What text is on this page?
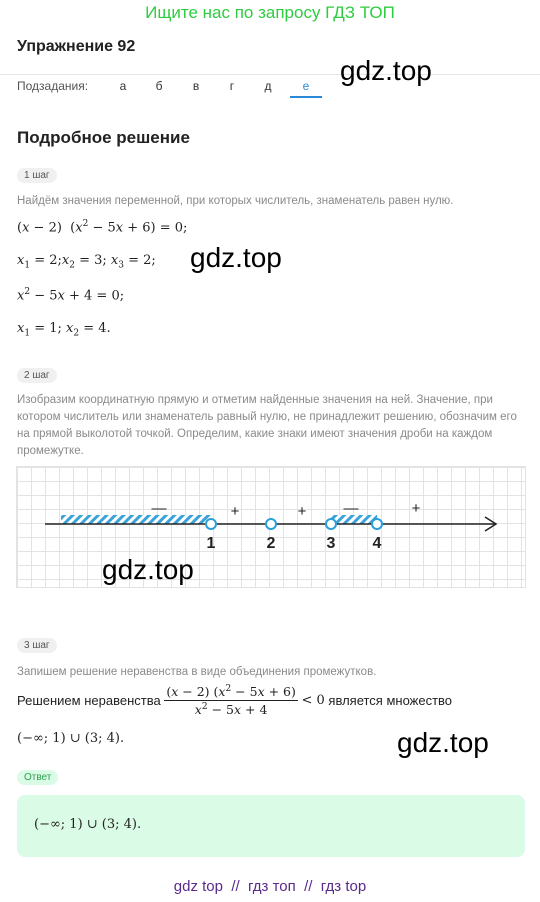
Ищите нас по запросу ГДЗ ТОП
Упражнение 92
Подзадания:	а	б	в	г	д	е	gdz.top
Подробное решение
1 шаг
Найдём значения переменной, при которых числитель, знаменатель равен нулю.
(x − 2)  $(x^2 - 5x + 6) = 0$;
$x_1$ = $2;x_2 = 3$; $x_3 = 2$; gdz.top
$x^2 - 5x + 4 = 0$;
$x_1 = 1$; $x_2 = 4$.
2 шаг
Изобразим координатную прямую и отметим найденные значения на ней. Значение, при котором числитель или знаменатель равный нулю, не принадлежит решению, обозначим его на прямой выколотой точкой. Определим, какие знаки имеют значения дроби на каждом промежутке.
1	2	3 4
—	+	+ —	+
gdz.top
3 шаг
Запишем решение неравенства в виде объединения промежутков.
Решением неравенства $\frac{(x - 2) (x^2 - 5x + 6)}{x^2 - 5x + 4} < 0$ является множество
(−∞; 1) ∪ (3; 4).	gdz.top
Ответ
(−∞; 1) ∪ (3; 4).
gdz top  //  гдз топ  //  гдз top
